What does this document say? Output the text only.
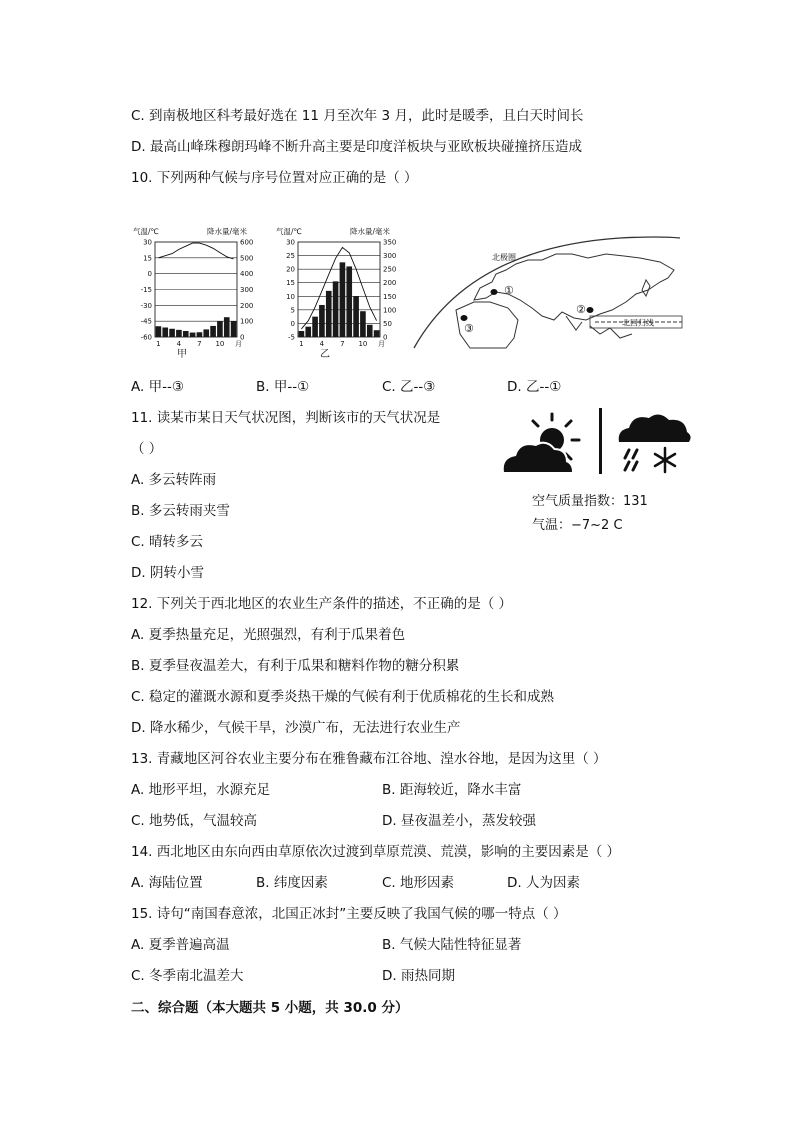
C. 到南极地区科考最好选在 11 月至次年 3 月，此时是暖季，且白天时间长
D. 最高山峰珠穆朗玛峰不断升高主要是印度洋板块与亚欧板块碰撞挤压造成
10. 下列两种气候与序号位置对应正确的是（ ）
气温/℃	降水量/毫米
30	600
15	500
0	400
-15	300
-30	200
-45	100
-60	0
1 4 7 10 月
甲
气温/℃	降水量/毫米
30	350
25	300
20	250
15	200
10	150
5	100
0	50
-5	0
1 4 7 10 月
乙
北回归线
北极圈
①
②
③
A. 甲--③	B. 甲--①	C. 乙--③	D. 乙--①
11. 读某市某日天气状况图，判断该市的天气状况是
（ ）
A. 多云转阵雨
B. 多云转雨夹雪
C. 晴转多云
D. 阴转小雪
空气质量指数：131
气温：−7~2 C
12. 下列关于西北地区的农业生产条件的描述，不正确的是（ ）
A. 夏季热量充足，光照强烈，有利于瓜果着色
B. 夏季昼夜温差大，有利于瓜果和糖料作物的糖分积累
C. 稳定的灌溉水源和夏季炎热干燥的气候有利于优质棉花的生长和成熟
D. 降水稀少，气候干旱，沙漠广布，无法进行农业生产
13. 青藏地区河谷农业主要分布在雅鲁藏布江谷地、湟水谷地，是因为这里（ ）
A. 地形平坦，水源充足	B. 距海较近，降水丰富
C. 地势低，气温较高	D. 昼夜温差小，蒸发较强
14. 西北地区由东向西由草原依次过渡到草原荒漠、荒漠，影响的主要因素是（ ）
A. 海陆位置	B. 纬度因素	C. 地形因素	D. 人为因素
15. 诗句“南国春意浓，北国正冰封”主要反映了我国气候的哪一特点（ ）
A. 夏季普遍高温	B. 气候大陆性特征显著
C. 冬季南北温差大	D. 雨热同期
二、综合题（本大题共 5 小题，共 30.0 分）
